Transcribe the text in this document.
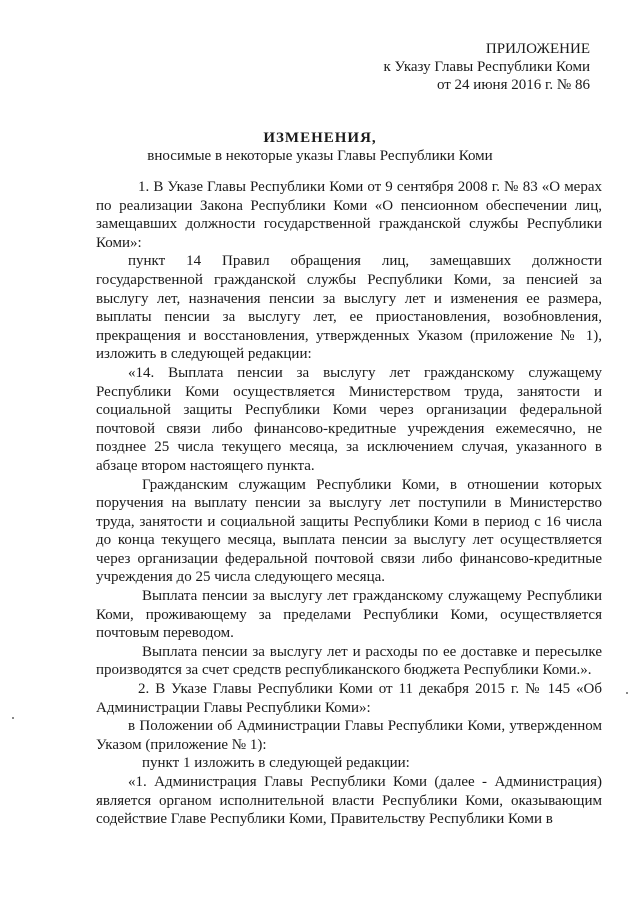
ПРИЛОЖЕНИЕ
к Указу Главы Республики Коми
от 24 июня 2016 г. № 86
ИЗМЕНЕНИЯ,
вносимые в некоторые указы Главы Республики Коми

1. В Указе Главы Республики Коми от 9 сентября 2008 г. № 83 «О мерах по реализации Закона Республики Коми «О пенсионном обеспечении лиц, замещавших должности государственной гражданской службы Республики Коми»:

пункт 14 Правил обращения лиц, замещавших должности государственной гражданской службы Республики Коми, за пенсией за выслугу лет, назначения пенсии за выслугу лет и изменения ее размера, выплаты пенсии за выслугу лет, ее приостановления, возобновления, прекращения и восстановления, утвержденных Указом (приложение № 1), изложить в следующей редакции:

«14. Выплата пенсии за выслугу лет гражданскому служащему Республики Коми осуществляется Министерством труда, занятости и социальной защиты Республики Коми через организации федеральной почтовой связи либо финансово-кредитные учреждения ежемесячно, не позднее 25 числа текущего месяца, за исключением случая, указанного в абзаце втором настоящего пункта.

Гражданским служащим Республики Коми, в отношении которых поручения на выплату пенсии за выслугу лет поступили в Министерство труда, занятости и социальной защиты Республики Коми в период с 16 числа до конца текущего месяца, выплата пенсии за выслугу лет осуществляется через организации федеральной почтовой связи либо финансово-кредитные учреждения до 25 числа следующего месяца.

Выплата пенсии за выслугу лет гражданскому служащему Республики Коми, проживающему за пределами Республики Коми, осуществляется почтовым переводом.

Выплата пенсии за выслугу лет и расходы по ее доставке и пересылке производятся за счет средств республиканского бюджета Республики Коми.».

2. В Указе Главы Республики Коми от 11 декабря 2015 г. № 145 «Об Администрации Главы Республики Коми»:

в Положении об Администрации Главы Республики Коми, утвержденном Указом (приложение № 1):

пункт 1 изложить в следующей редакции:

«1. Администрация Главы Республики Коми (далее - Администрация) является органом исполнительной власти Республики Коми, оказывающим содействие Главе Республики Коми, Правительству Республики Коми в
